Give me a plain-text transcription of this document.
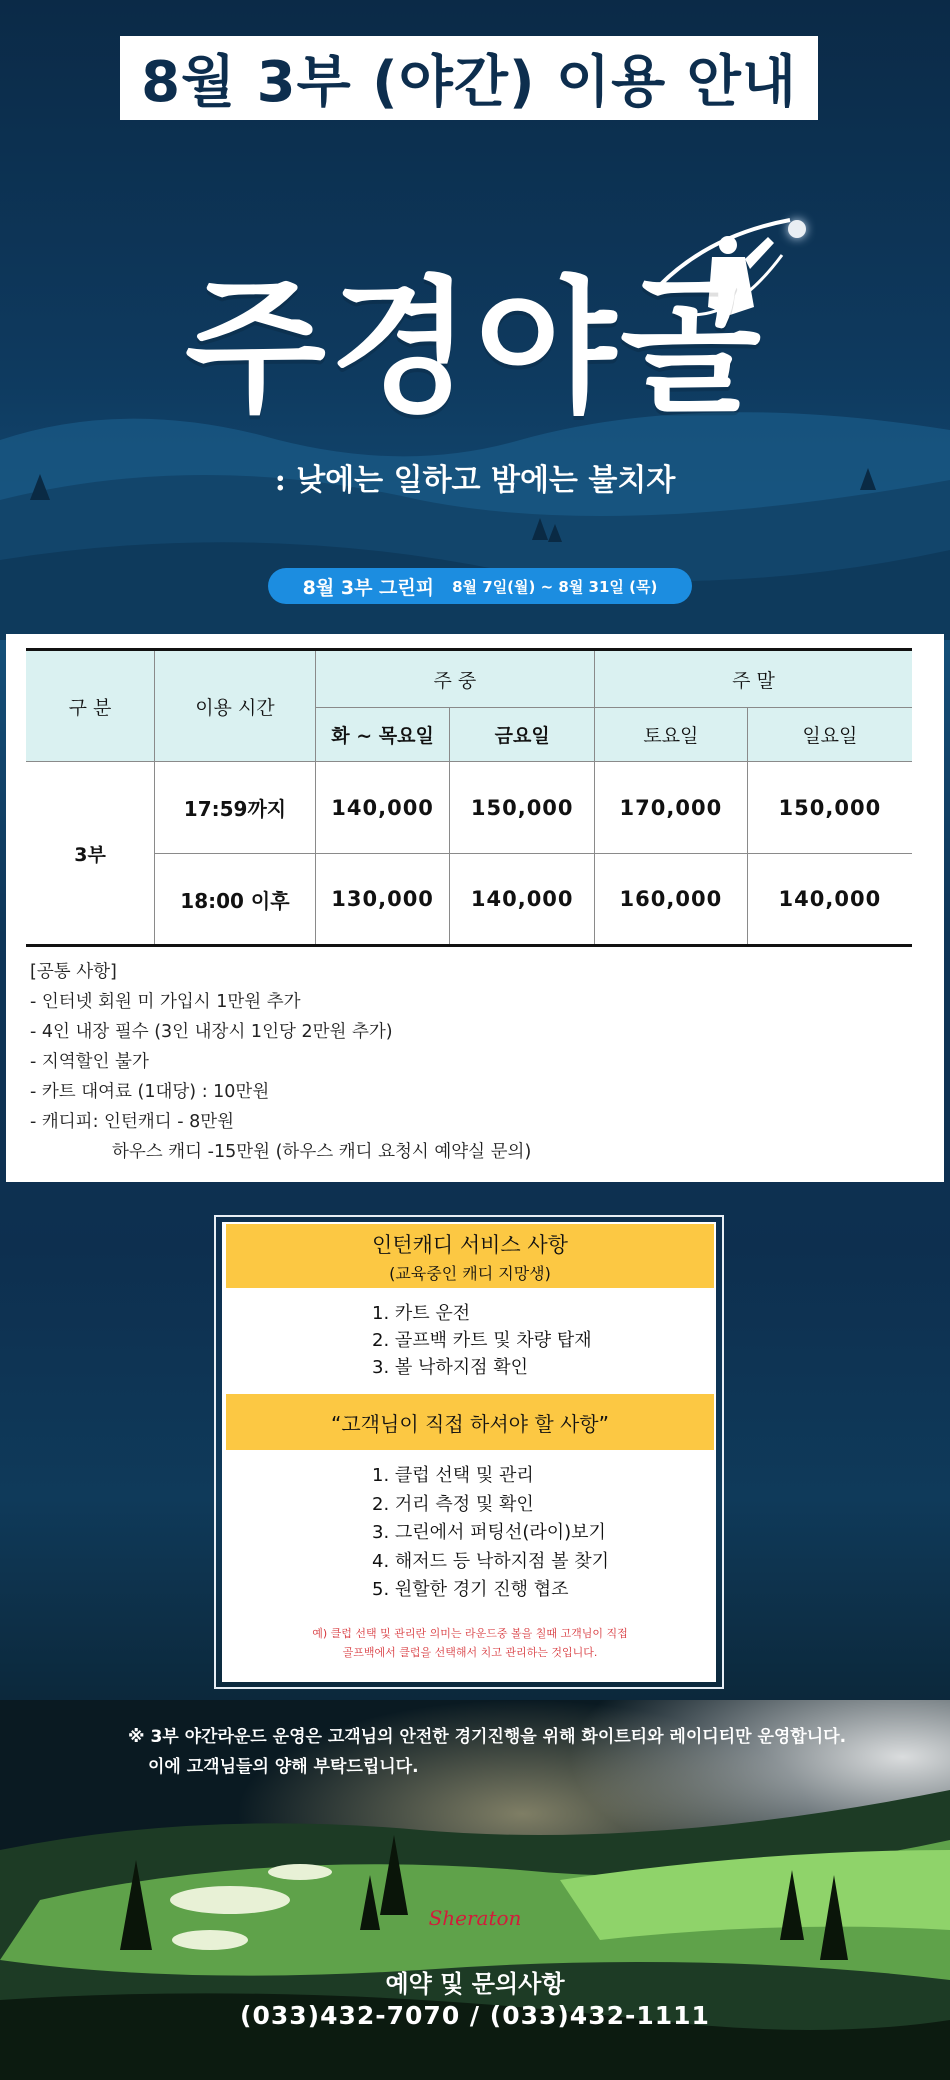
8월 3부 (야간) 이용 안내
주경야골
: 낮에는 일하고 밤에는 불치자
8월 3부 그린피 8월 7일(월) ~ 8월 31일 (목)
구 분	이용 시간	주 중		주 말	
		화 ~ 목요일	금요일	토요일	일요일
3부	17:59까지	140,000	150,000	170,000	150,000
	18:00 이후	130,000	140,000	160,000	140,000
[공통 사항]
- 인터넷 회원 미 가입시 1만원 추가
- 4인 내장 필수 (3인 내장시 1인당 2만원 추가)
- 지역할인 불가
- 카트 대여료 (1대당) : 10만원
- 캐디피: 인턴캐디 - 8만원
하우스 캐디 -15만원 (하우스 캐디 요청시 예약실 문의)
인턴캐디 서비스 사항
(교육중인 캐디 지망생)
1. 카트 운전
2. 골프백 카트 및 차량 탑재
3. 볼 낙하지점 확인
“고객님이 직접 하셔야 할 사항”
1. 클럽 선택 및 관리
2. 거리 측정 및 확인
3. 그린에서 퍼팅선(라이)보기
4. 해저드 등 낙하지점 볼 찾기
5. 원할한 경기 진행 협조
예) 클럽 선택 및 관리란 의미는 라운드중 볼을 칠때 고객님이 직접
골프백에서 클럽을 선택해서 치고 관리하는 것입니다.
※ 3부 야간라운드 운영은 고객님의 안전한 경기진행을 위해 화이트티와 레이디티만 운영합니다.
이에 고객님들의 양해 부탁드립니다.
Sheraton
예약 및 문의사항
(033)432-7070 / (033)432-1111
